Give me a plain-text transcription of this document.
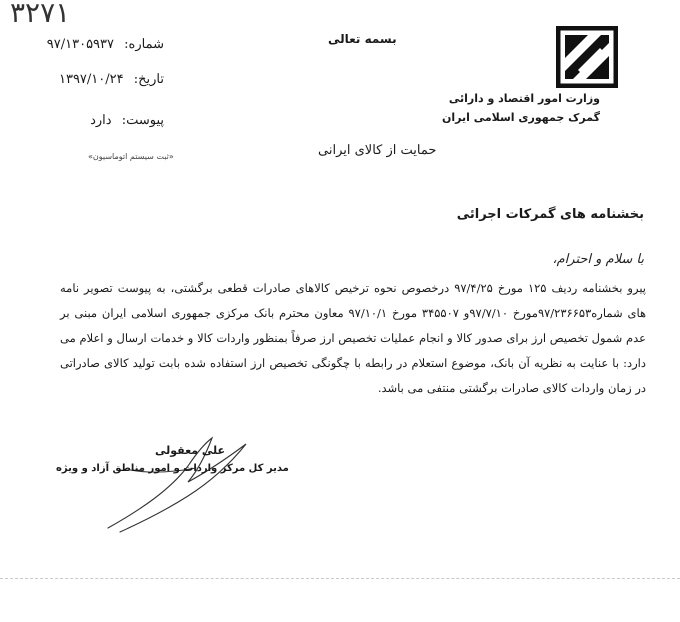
۳۲۷۱
بسمه تعالی
وزارت امور اقتصاد و دارائی
گمرک جمهوری اسلامی ایران
شماره: ۹۷/۱۳۰۵۹۳۷
تاریخ: ۱۳۹۷/۱۰/۲۴
پیوست: دارد
«ثبت سیستم اتوماسیون»	حمایت از کالای ایرانی
بخشنامه های گمرکات اجرائی
با سلام و احترام،

پیرو بخشنامه ردیف ۱۲۵ مورخ ۹۷/۴/۲۵ درخصوص نحوه ترخیص کالاهای صادرات قطعی برگشتی، به پیوست تصویر نامه های شماره۹۷/۲۳۶۶۵۳مورخ ۹۷/۷/۱۰و ۳۴۵۵۰۷ مورخ ۹۷/۱۰/۱ معاون محترم بانک مرکزی جمهوری اسلامی ایران مبنی بر عدم شمول تخصیص ارز برای صدور کالا و انجام عملیات تخصیص ارز صرفاً بمنظور واردات کالا و خدمات ارسال و اعلام می دارد: با عنایت به نظریه آن بانک، موضوع استعلام در رابطه با چگونگی تخصیص ارز استفاده شده بابت تولید کالای صادراتی در زمان واردات کالای صادرات برگشتی منتفی می باشد.

علی معقولی
مدیر کل مرکز واردات و امور مناطق آزاد و ویژه
